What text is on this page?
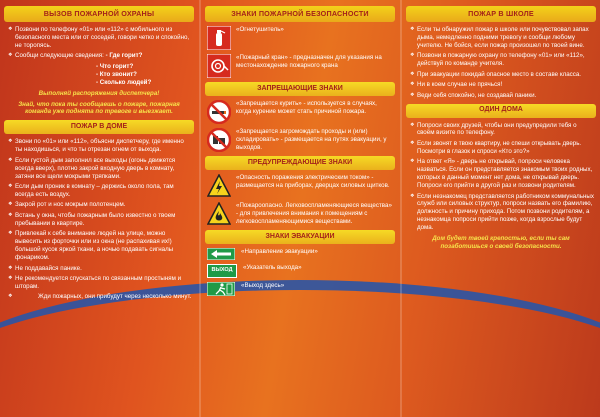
ВЫЗОВ ПОЖАРНОЙ ОХРАНЫ
❖ Позвони по телефону «01» или «112» с мобильного из безопасного места или от соседей, говори четко и спокойно, не торопясь.
❖ Сообщи следующие сведения: - Где горит?
- Что горит?
- Кто звонит?
- Сколько людей?
Выполняй распоряжения диспетчера!
Знай, что пока ты сообщаешь о пожаре, пожарная команда уже поднята по тревоге и выезжает.
ПОЖАР В ДОМЕ
❖ Звони по «01» или «112», объясни диспетчеру, где именно ты находишься, и что ты отрезан огнем от выхода.
❖ Если густой дым заполнил все выходы (огонь движется всегда вверх), плотно закрой входную дверь в комнату, затяни все щели мокрыми тряпками.
❖ Если дым проник в комнату – держись около пола, там всегда есть воздух.
❖ Закрой рот и нос мокрым полотенцем.
❖ Встань у окна, чтобы пожарным было известно о твоем пребывании в квартире.
❖ Привлекай к себе внимание людей на улице, можно вывесить из форточки или из окна (не распахивая их!) большой кусок яркой ткани, а ночью подавать сигналы фонариком.
❖ Не поддавайся панике.
❖ Не рекомендуется спускаться по связанным простыням и шторам.
❖ Жди пожарных, они прибудут через несколько минут.
ЗНАКИ ПОЖАРНОЙ БЕЗОПАСНОСТИ
«Огнетушитель»
«Пожарный кран» - предназначен для указания на местонахождение пожарного крана
ЗАПРЕЩАЮЩИЕ ЗНАКИ
«Запрещается курить» - используется в случаях, когда курение может стать причиной пожара.
«Запрещается загромождать проходы и (или) складировать» - размещается на путях эвакуации, у выходов.
ПРЕДУПРЕЖДАЮЩИЕ ЗНАКИ
«Опасность поражения электрическим током» - размещается на приборах, дверцах силовых щитков.
«Пожароопасно. Легковоспламеняющиеся вещества» - для привлечения внимания к помещениям с легковоспламеняющимися веществами.
ЗНАКИ ЭВАКУАЦИИ
«Направление эвакуации»
ВЫХОД	«Указатель выхода»
«Выход здесь»
ПОЖАР В ШКОЛЕ
❖ Если ты обнаружил пожар в школе или почувствовал запах дыма, немедленно подними тревогу и сообщи любому учителю. Не бойся, если пожар произошел по твоей вине.
❖ Позвони в пожарную охрану по телефону «01» или «112», действуй по команде учителя.
❖ При эвакуации покидай опасное место в составе класса.
❖ Ни в коем случае не прячься!
❖ Веди себя спокойно, не создавай паники.
ОДИН ДОМА
❖ Попроси своих друзей, чтобы они предупредили тебя о своём визите по телефону.
❖ Если звонят в твою квартиру, не спеши открывать дверь. Посмотри в глазок и спроси «Кто это?»
❖ На ответ «Я» - дверь не открывай, попроси человека назваться. Если он представляется знакомым твоих родных, которых в данный момент нет дома, не открывай дверь. Попроси его прийти в другой раз и позвони родителям.
❖ Если незнакомец представляется работником коммунальных служб или силовых структур, попроси назвать его фамилию, должность и причину прихода. Потом позвони родителям, а незнакомца попроси прийти позже, когда взрослые будут дома.
Дом будет твоей крепостью, если ты сам позаботишься о своей безопасности.
